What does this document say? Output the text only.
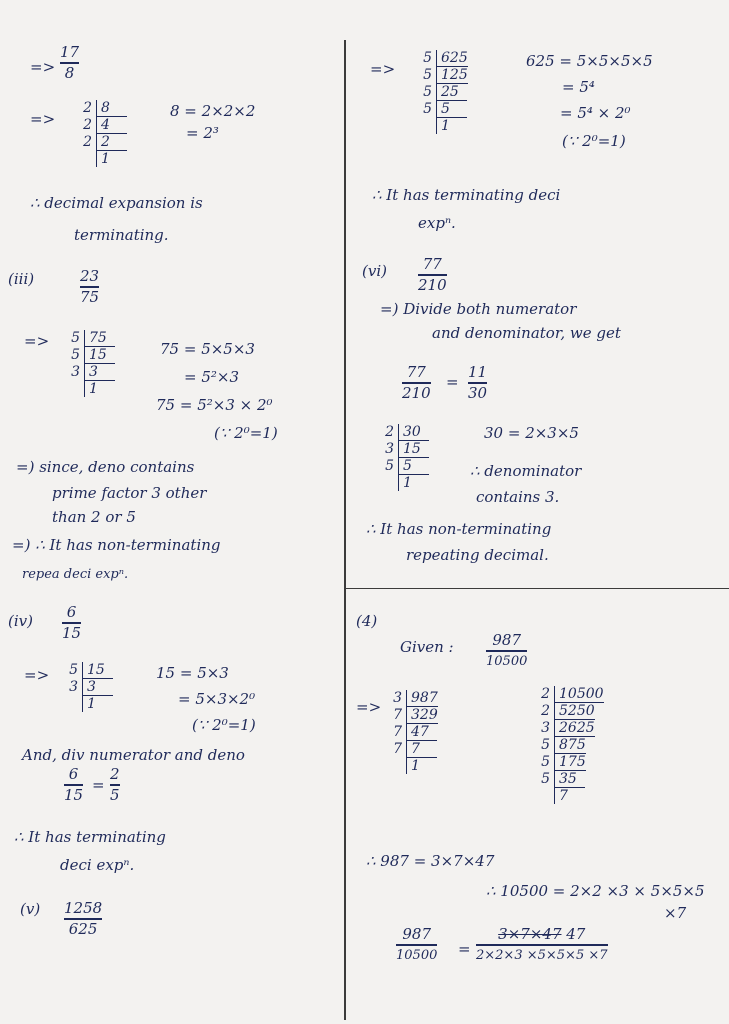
=>
17
8
=>
2 8
2 4
2 2
1
8 = 2×2×2
= 2³
∴ decimal expansion is
terminating.
(iii)	23
75
=>	5 75
5 15
3 3
1
75 = 5×5×3
= 5²×3
75 = 5²×3 × 2⁰
(∵ 2⁰=1)
=) since, deno contains
prime factor 3 other
than 2 or 5
=) ∴ It has non-terminating
repea deci expⁿ.
(iv) 6
15
=>	5 15
3 3
1
15 = 5×3
= 5×3×2⁰
(∵ 2⁰=1)
And, div numerator and deno
6
15
=
2
5
∴ It has terminating
deci expⁿ.
(v) 1258
625
=>
5 625
5 125
5 25
5 5
1
625 = 5×5×5×5
= 5⁴
= 5⁴ × 2⁰
(∵ 2⁰=1)
∴ It has terminating deci
expⁿ.
(vi) 77
210
=) Divide both numerator
and denominator, we get
77
210
=
11
30
2 30
3 15
5 5
1
30 = 2×3×5
∴ denominator
contains 3.
∴ It has non-terminating
repeating decimal.
(4)
Given :	987
10500
=> 3 987
7 329
7 47
7 7
1
2 10500
2 5250
3 2625
5 875
5 175
5 35
7
∴ 987 = 3×7×47
∴ 10500 = 2×2 ×3 × 5×5×5
×7
987
10500 =
3×7×47 47
2×2×3 ×5×5×5 ×7
